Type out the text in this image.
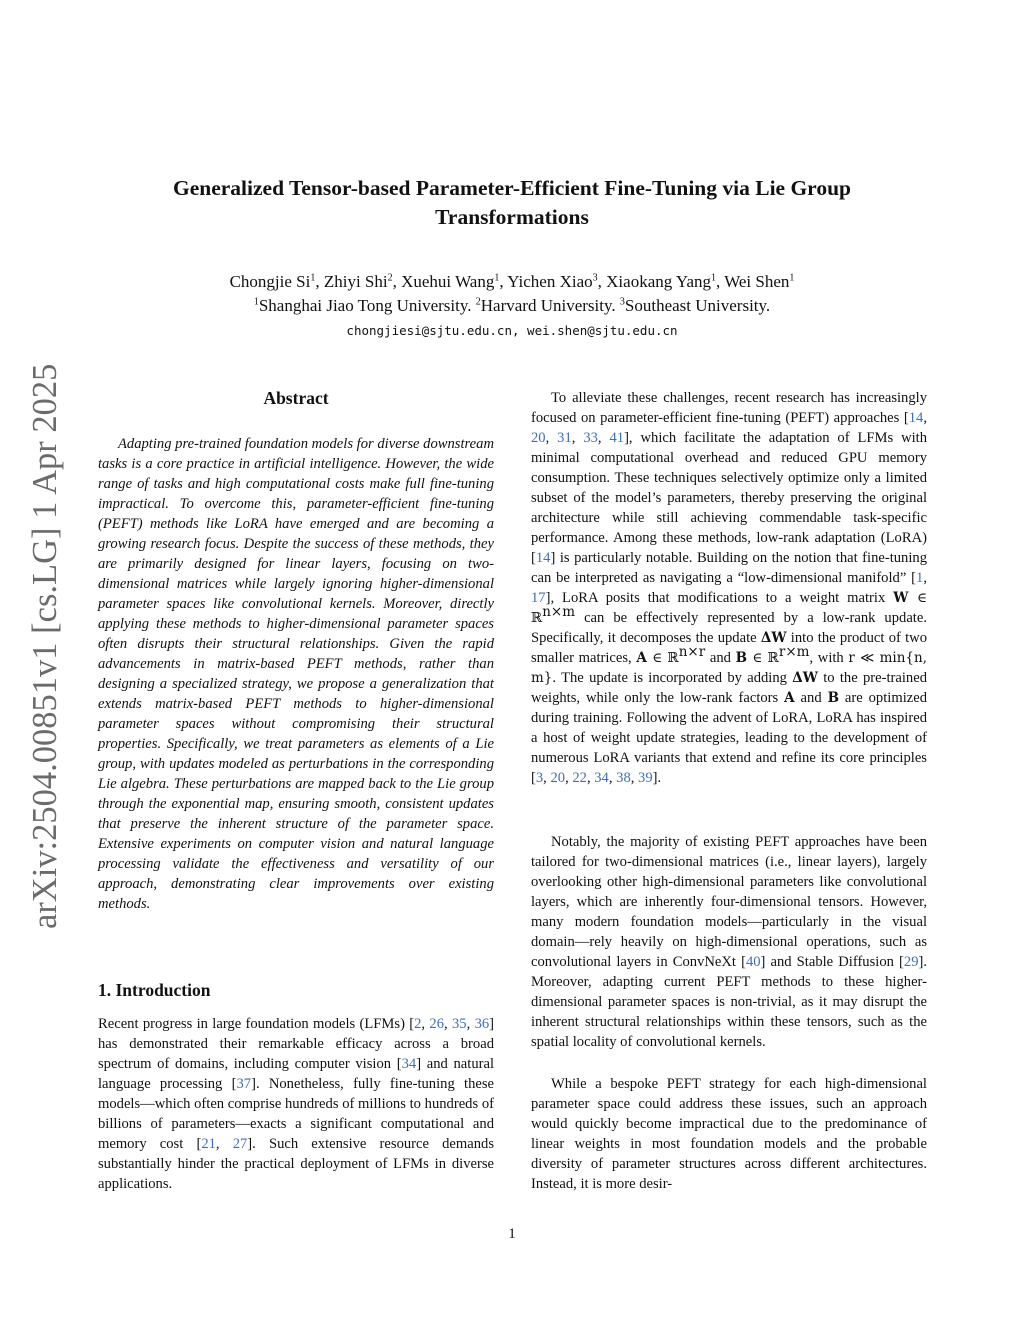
arXiv:2504.00851v1 [cs.LG] 1 Apr 2025
Generalized Tensor-based Parameter-Efficient Fine-Tuning via Lie Group Transformations

Chongjie Si$^1$, Zhiyi Shi$^2$, Xuehui Wang$^1$, Yichen Xiao$^3$, Xiaokang Yang$^1$, Wei Shen$^1$

$^1$Shanghai Jiao Tong University. $^2$Harvard University. $^3$Southeast University.

chongjiesi@sjtu.edu.cn, wei.shen@sjtu.edu.cn

Abstract

Adapting pre-trained foundation models for diverse downstream tasks is a core practice in artificial intelligence. However, the wide range of tasks and high computational costs make full fine-tuning impractical. To overcome this, parameter-efficient fine-tuning (PEFT) methods like LoRA have emerged and are becoming a growing research focus. Despite the success of these methods, they are primarily designed for linear layers, focusing on two-dimensional matrices while largely ignoring higher-dimensional parameter spaces like convolutional kernels. Moreover, directly applying these methods to higher-dimensional parameter spaces often disrupts their structural relationships. Given the rapid advancements in matrix-based PEFT methods, rather than designing a specialized strategy, we propose a generalization that extends matrix-based PEFT methods to higher-dimensional parameter spaces without compromising their structural properties. Specifically, we treat parameters as elements of a Lie group, with updates modeled as perturbations in the corresponding Lie algebra. These perturbations are mapped back to the Lie group through the exponential map, ensuring smooth, consistent updates that preserve the inherent structure of the parameter space. Extensive experiments on computer vision and natural language processing validate the effectiveness and versatility of our approach, demonstrating clear improvements over existing methods.

1. Introduction

Recent progress in large foundation models (LFMs) [2, 26, 35, 36] has demonstrated their remarkable efficacy across a broad spectrum of domains, including computer vision [34] and natural language processing [37]. Nonetheless, fully fine-tuning these models—which often comprise hundreds of millions to hundreds of billions of parameters—exacts a significant computational and memory cost [21, 27]. Such extensive resource demands substantially hinder the practical deployment of LFMs in diverse applications.

To alleviate these challenges, recent research has increasingly focused on parameter-efficient fine-tuning (PEFT) approaches [14, 20, 31, 33, 41], which facilitate the adaptation of LFMs with minimal computational overhead and reduced GPU memory consumption. These techniques selectively optimize only a limited subset of the model’s parameters, thereby preserving the original architecture while still achieving commendable task-specific performance. Among these methods, low-rank adaptation (LoRA) [14] is particularly notable. Building on the notion that fine-tuning can be interpreted as navigating a “low-dimensional manifold” [1, 17], LoRA posits that modifications to a weight matrix W ∈ ℝ$^{n\times m}$ can be effectively represented by a low-rank update. Specifically, it decomposes the update ΔW into the product of two smaller matrices, A ∈ ℝ$^{n\times r}$ and B ∈ ℝ$^{r\times m}$, with r ≪ min{n, m}. The update is incorporated by adding ΔW to the pre-trained weights, while only the low-rank factors A and B are optimized during training. Following the advent of LoRA, LoRA has inspired a host of weight update strategies, leading to the development of numerous LoRA variants that extend and refine its core principles [3, 20, 22, 34, 38, 39].

Notably, the majority of existing PEFT approaches have been tailored for two-dimensional matrices (i.e., linear layers), largely overlooking other high-dimensional parameters like convolutional layers, which are inherently four-dimensional tensors. However, many modern foundation models—particularly in the visual domain—rely heavily on high-dimensional operations, such as convolutional layers in ConvNeXt [40] and Stable Diffusion [29]. Moreover, adapting current PEFT methods to these higher-dimensional parameter spaces is non-trivial, as it may disrupt the inherent structural relationships within these tensors, such as the spatial locality of convolutional kernels.

While a bespoke PEFT strategy for each high-dimensional parameter space could address these issues, such an approach would quickly become impractical due to the predominance of linear weights in most foundation models and the probable diversity of parameter structures across different architectures. Instead, it is more desir-

1
